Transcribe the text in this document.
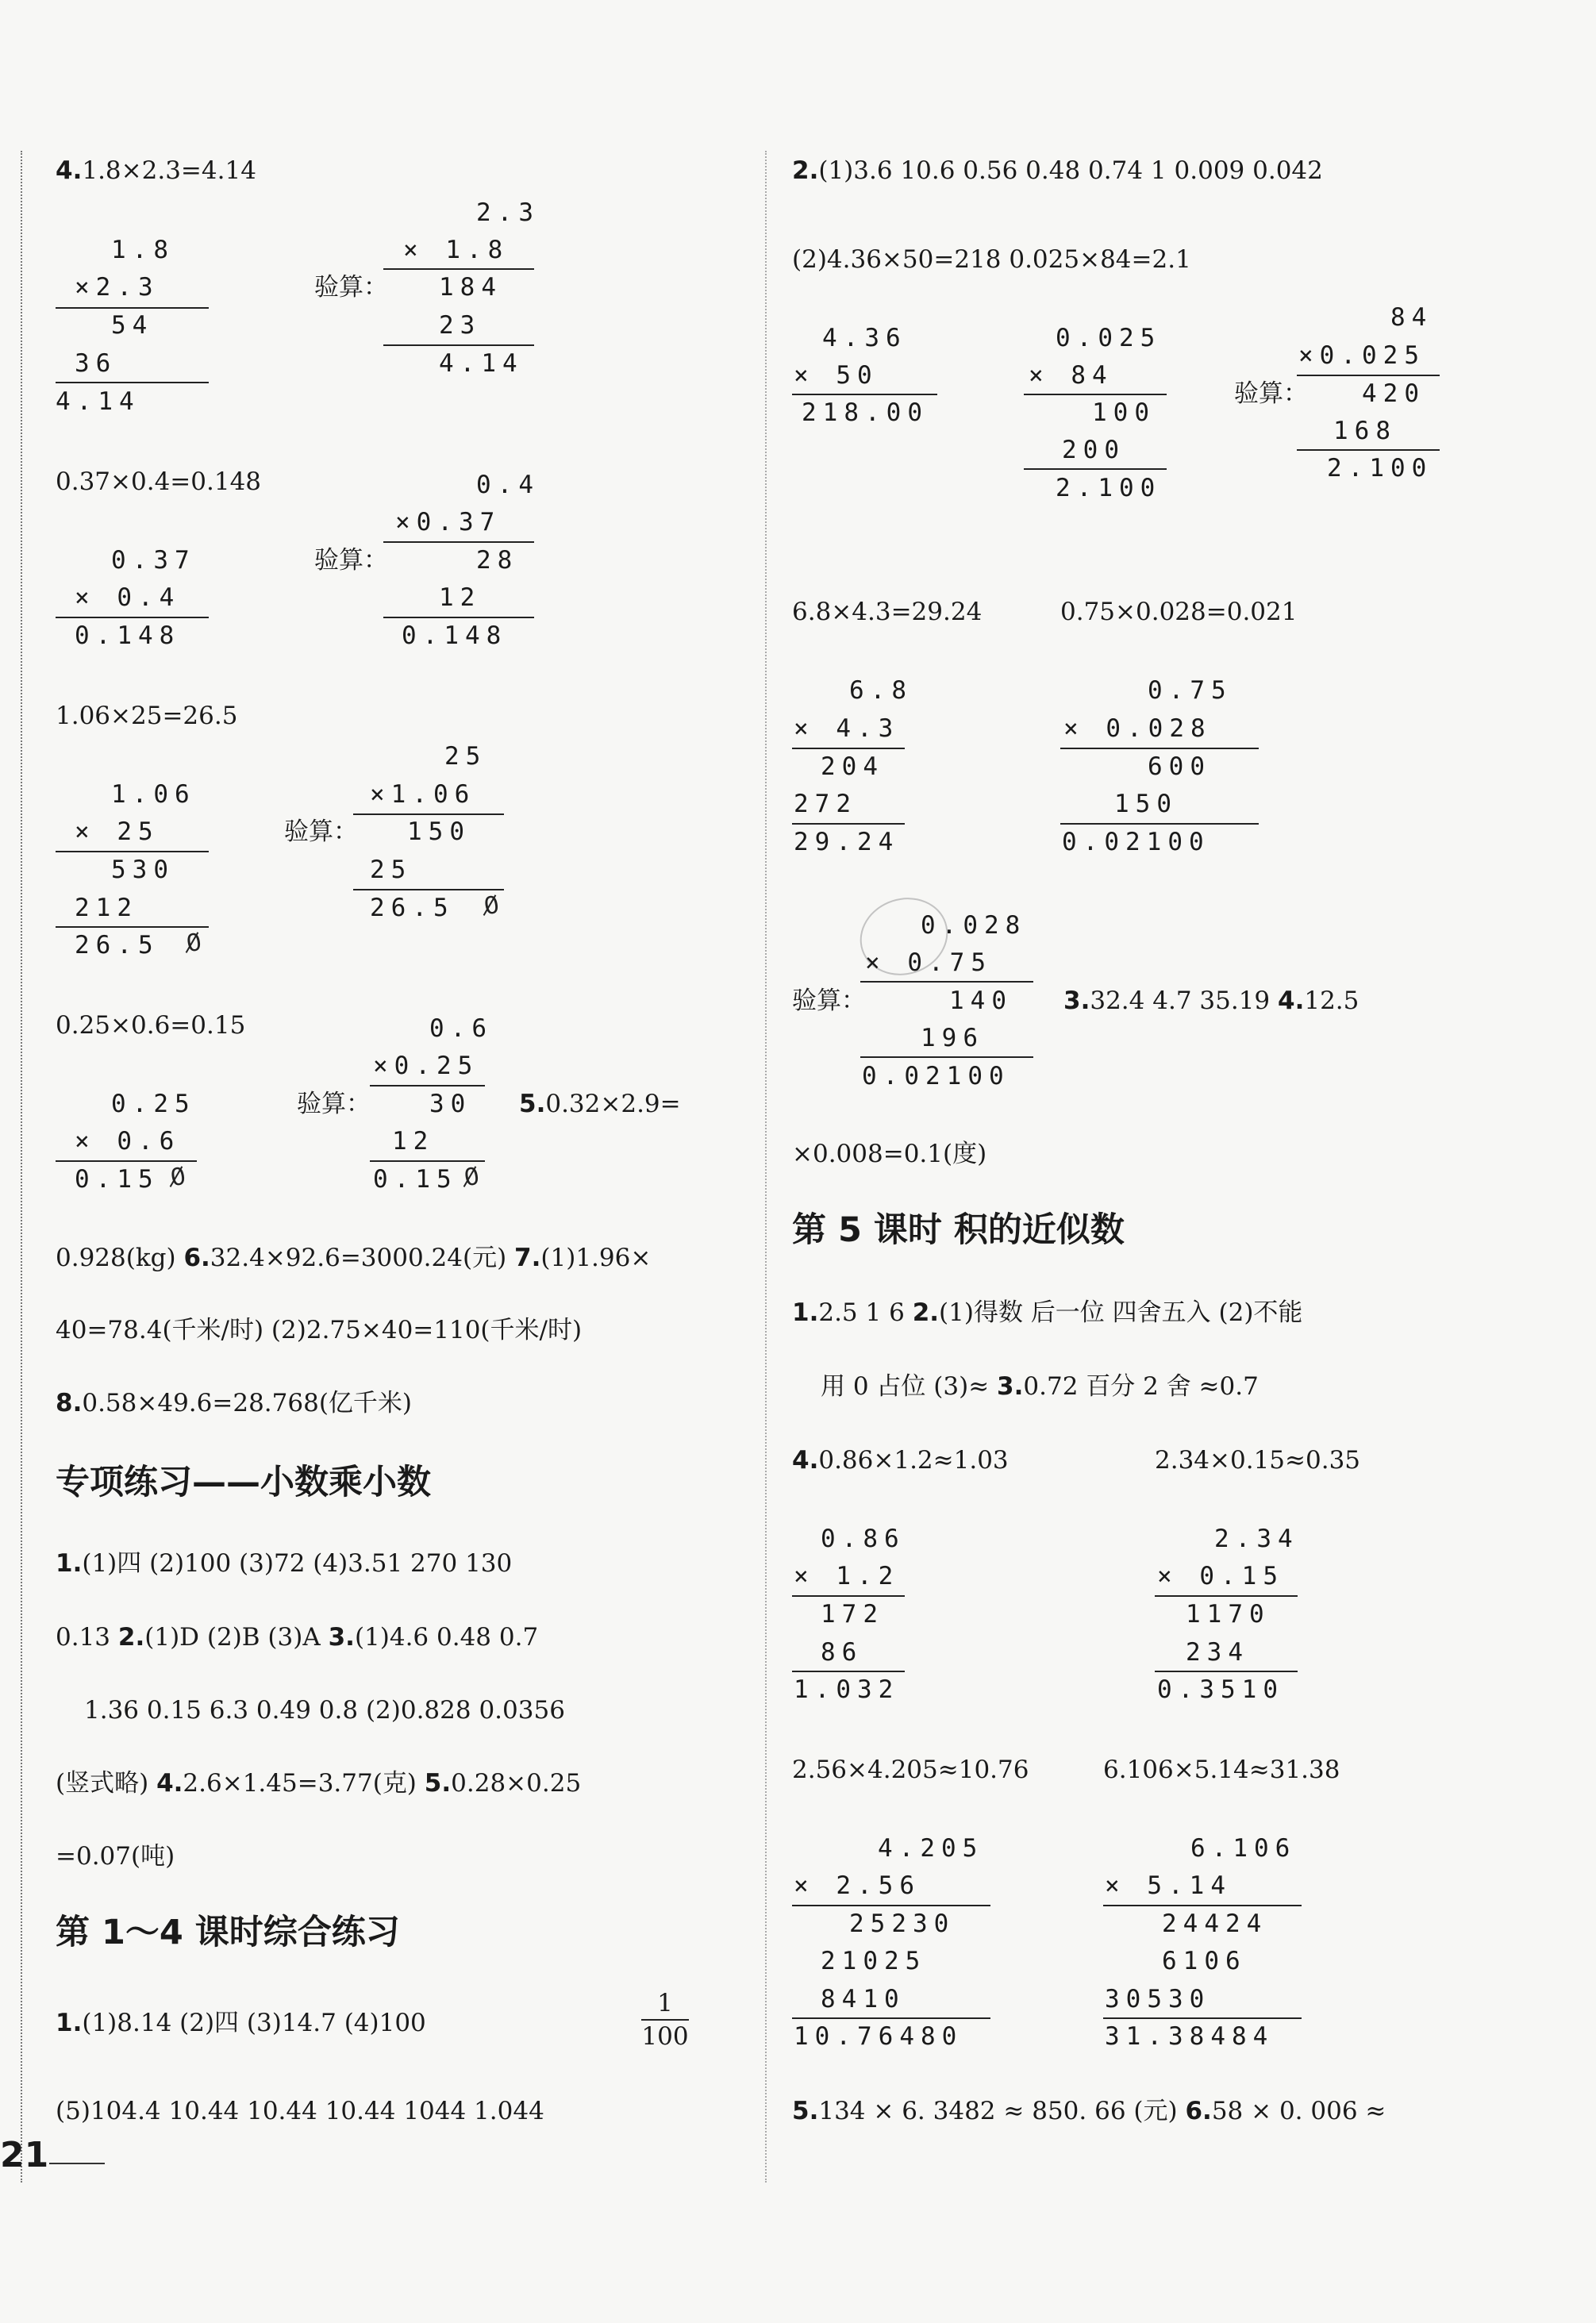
4.1.8×2.3=4.14
1.8
×2.3
54
36
4.14
验算：
2.3
× 1.8
184
23
4.14
0.37×0.4=0.148
0.37
× 0.4
0.148
验算：
0.4
×0.37
28
12
0.148
1.06×25=26.5
1.06
× 25
530
212
26.5 0̸
验算：
25
×1.06
150
25
26.5 0̸
0.25×0.6=0.15
0.25
× 0.6
0.15 0̸
验算：
0.6
×0.25
30
12
0.15 0̸
5.0.32×2.9=
0.928(kg) 6.32.4×92.6=3000.24(元) 7.(1)1.96×
40=78.4(千米/时) (2)2.75×40=110(千米/时)
8.0.58×49.6=28.768(亿千米)
专项练习——小数乘小数
1.(1)四 (2)100 (3)72 (4)3.51 270 130
0.13 2.(1)D (2)B (3)A 3.(1)4.6 0.48 0.7
1.36 0.15 6.3 0.49 0.8 (2)0.828 0.0356
(竖式略) 4.2.6×1.45=3.77(克) 5.0.28×0.25
=0.07(吨)
第 1～4 课时综合练习
1.(1)8.14 (2)四 (3)14.7 (4)100
1
100
(5)104.4 10.44 10.44 10.44 1044 1.044
2.(1)3.6 10.6 0.56 0.48 0.74 1 0.009 0.042
(2)4.36×50=218 0.025×84=2.1
4.36
× 50
218.00
0.025
× 84
100
200
2.100
验算：
84
×0.025
420
168
2.100
6.8×4.3=29.24	0.75×0.028=0.021
6.8
× 4.3
204
272
29.24
0.75
× 0.028
600
150
0.02100
验算：
0.028
× 0.75
140
196
0.02100
3.32.4 4.7 35.19 4.12.5
×0.008=0.1(度)
第 5 课时 积的近似数
1.2.5 1 6 2.(1)得数 后一位 四舍五入 (2)不能
用 0 占位 (3)≈ 3.0.72 百分 2 舍 ≈0.7
4.0.86×1.2≈1.03	2.34×0.15≈0.35
0.86
× 1.2
172
86
1.032
2.34
× 0.15
1170
234
0.3510
2.56×4.205≈10.76	6.106×5.14≈31.38
4.205
× 2.56
25230
21025
8410
10.76480
6.106
× 5.14
24424
6106
30530
31.38484
5.134 × 6. 3482 ≈ 850. 66 (元) 6.58 × 0. 006 ≈
21
